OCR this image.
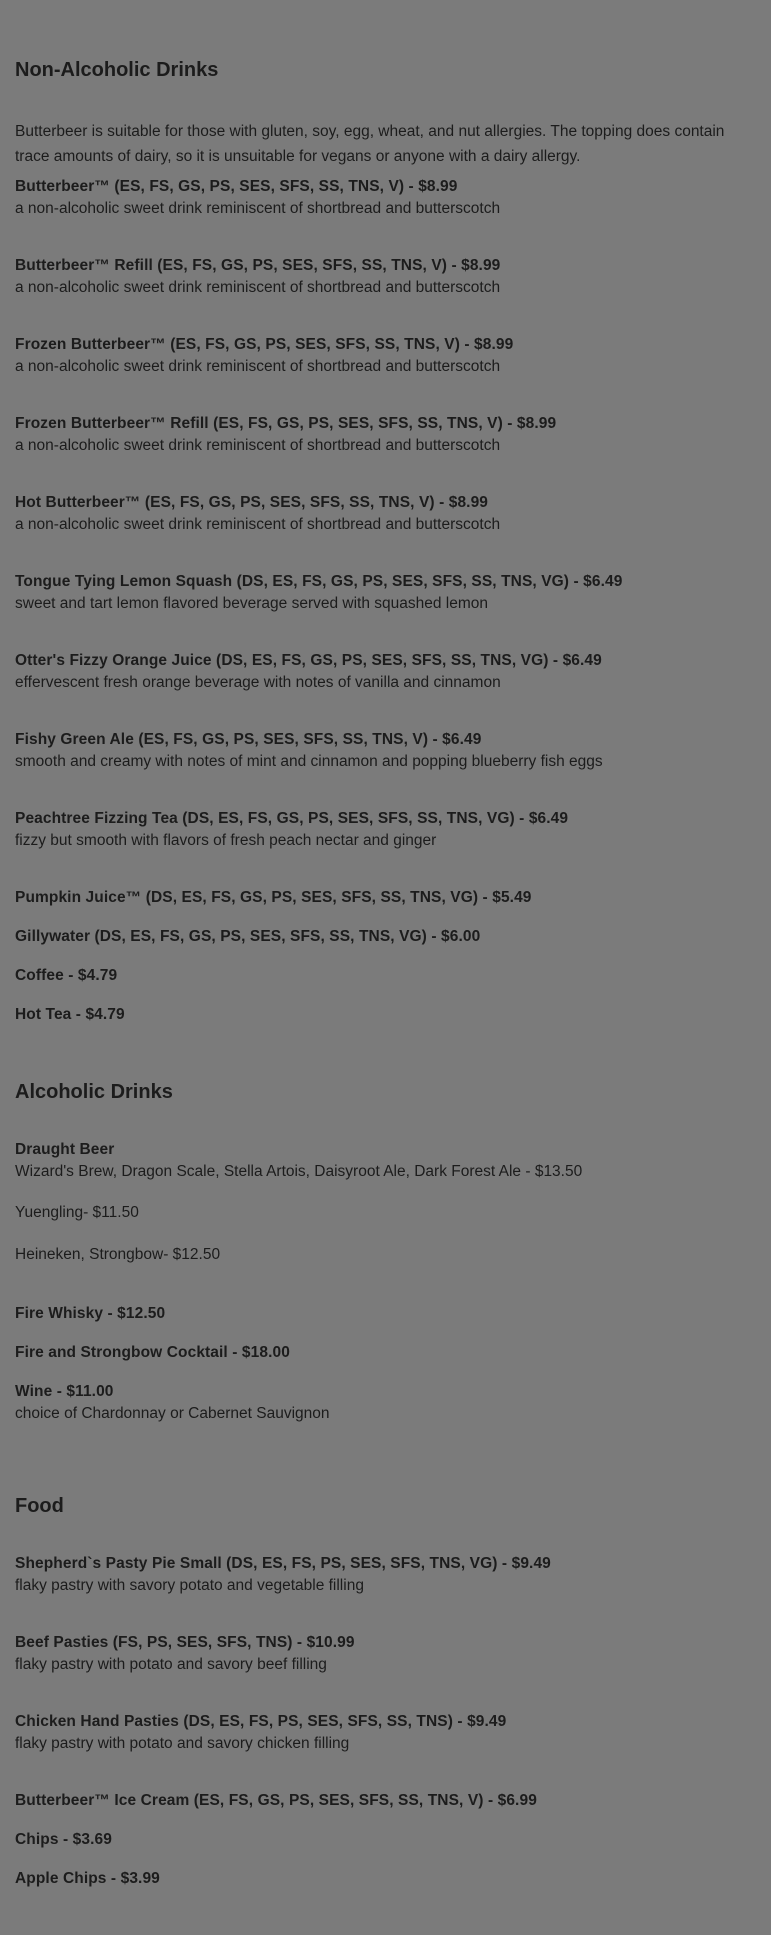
Non-Alcoholic Drinks

Butterbeer is suitable for those with gluten, soy, egg, wheat, and nut allergies. The topping does contain trace amounts of dairy, so it is unsuitable for vegans or anyone with a dairy allergy.

Butterbeer™ (ES, FS, GS, PS, SES, SFS, SS, TNS, V) - $8.99
a non-alcoholic sweet drink reminiscent of shortbread and butterscotch
Butterbeer™ Refill (ES, FS, GS, PS, SES, SFS, SS, TNS, V) - $8.99
a non-alcoholic sweet drink reminiscent of shortbread and butterscotch
Frozen Butterbeer™ (ES, FS, GS, PS, SES, SFS, SS, TNS, V) - $8.99
a non-alcoholic sweet drink reminiscent of shortbread and butterscotch
Frozen Butterbeer™ Refill (ES, FS, GS, PS, SES, SFS, SS, TNS, V) - $8.99
a non-alcoholic sweet drink reminiscent of shortbread and butterscotch
Hot Butterbeer™ (ES, FS, GS, PS, SES, SFS, SS, TNS, V) - $8.99
a non-alcoholic sweet drink reminiscent of shortbread and butterscotch
Tongue Tying Lemon Squash (DS, ES, FS, GS, PS, SES, SFS, SS, TNS, VG) - $6.49
sweet and tart lemon flavored beverage served with squashed lemon
Otter's Fizzy Orange Juice (DS, ES, FS, GS, PS, SES, SFS, SS, TNS, VG) - $6.49
effervescent fresh orange beverage with notes of vanilla and cinnamon
Fishy Green Ale (ES, FS, GS, PS, SES, SFS, SS, TNS, V) - $6.49
smooth and creamy with notes of mint and cinnamon and popping blueberry fish eggs
Peachtree Fizzing Tea (DS, ES, FS, GS, PS, SES, SFS, SS, TNS, VG) - $6.49
fizzy but smooth with flavors of fresh peach nectar and ginger
Pumpkin Juice™ (DS, ES, FS, GS, PS, SES, SFS, SS, TNS, VG) - $5.49
Gillywater (DS, ES, FS, GS, PS, SES, SFS, SS, TNS, VG) - $6.00
Coffee - $4.79
Hot Tea - $4.79
Alcoholic Drinks
Draught Beer
Wizard's Brew, Dragon Scale, Stella Artois, Daisyroot Ale, Dark Forest Ale - $13.50
Yuengling- $11.50
Heineken, Strongbow- $12.50
Fire Whisky - $12.50
Fire and Strongbow Cocktail - $18.00
Wine - $11.00
choice of Chardonnay or Cabernet Sauvignon
Food
Shepherd`s Pasty Pie Small (DS, ES, FS, PS, SES, SFS, TNS, VG) - $9.49
flaky pastry with savory potato and vegetable filling
Beef Pasties (FS, PS, SES, SFS, TNS) - $10.99
flaky pastry with potato and savory beef filling
Chicken Hand Pasties (DS, ES, FS, PS, SES, SFS, SS, TNS) - $9.49
flaky pastry with potato and savory chicken filling
Butterbeer™ Ice Cream (ES, FS, GS, PS, SES, SFS, SS, TNS, V) - $6.99
Chips - $3.69
Apple Chips - $3.99
